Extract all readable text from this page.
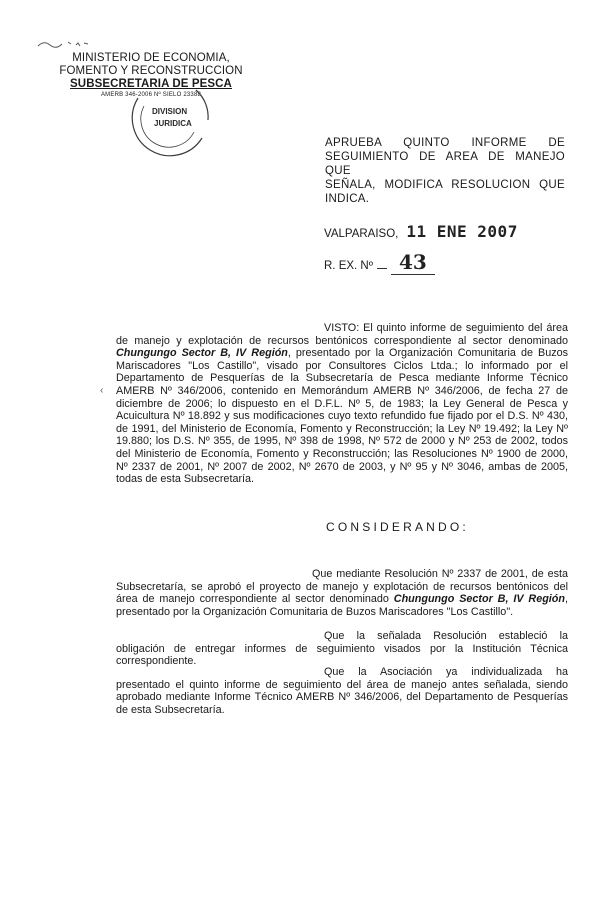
MINISTERIO DE ECONOMIA,
FOMENTO Y RECONSTRUCCION
SUBSECRETARIA DE PESCA
AMERB 346-2006 Nº SIELO 23388
DIVISION
JURIDICA
APRUEBA QUINTO INFORME DE
SEGUIMIENTO DE AREA DE MANEJO QUE
SEÑALA, MODIFICA RESOLUCION QUE
INDICA.
VALPARAISO, 11 ENE 2007
R. EX. Nº	43
VISTO: El quinto informe de seguimiento del área de manejo y explotación de recursos bentónicos correspondiente al sector denominado Chungungo Sector B, IV Región, presentado por la Organización Comunitaria de Buzos Mariscadores "Los Castillo", visado por Consultores Ciclos Ltda.; lo informado por el Departamento de Pesquerías de la Subsecretaría de Pesca mediante Informe Técnico AMERB Nº 346/2006, contenido en Memorándum AMERB Nº 346/2006, de fecha 27 de diciembre de 2006; lo dispuesto en el D.F.L. Nº 5, de 1983; la Ley General de Pesca y Acuicultura Nº 18.892 y sus modificaciones cuyo texto refundido fue fijado por el D.S. Nº 430, de 1991, del Ministerio de Economía, Fomento y Reconstrucción; la Ley Nº 19.492; la Ley Nº 19.880; los D.S. Nº 355, de 1995, Nº 398 de 1998, Nº 572 de 2000 y Nº 253 de 2002, todos del Ministerio de Economía, Fomento y Reconstrucción; las Resoluciones Nº 1900 de 2000, Nº 2337 de 2001, Nº 2007 de 2002, Nº 2670 de 2003, y Nº 95 y Nº 3046, ambas de 2005, todas de esta Subsecretaría.
‹
CONSIDERANDO:
Que mediante Resolución Nº 2337 de 2001, de esta Subsecretaría, se aprobó el proyecto de manejo y explotación de recursos bentónicos del área de manejo correspondiente al sector denominado Chungungo Sector B, IV Región, presentado por la Organización Comunitaria de Buzos Mariscadores "Los Castillo".
Que la señalada Resolución estableció la obligación de entregar informes de seguimiento visados por la Institución Técnica correspondiente.
Que la Asociación ya individualizada ha presentado el quinto informe de seguimiento del área de manejo antes señalada, siendo aprobado mediante Informe Técnico AMERB Nº 346/2006, del Departamento de Pesquerías de esta Subsecretaría.
